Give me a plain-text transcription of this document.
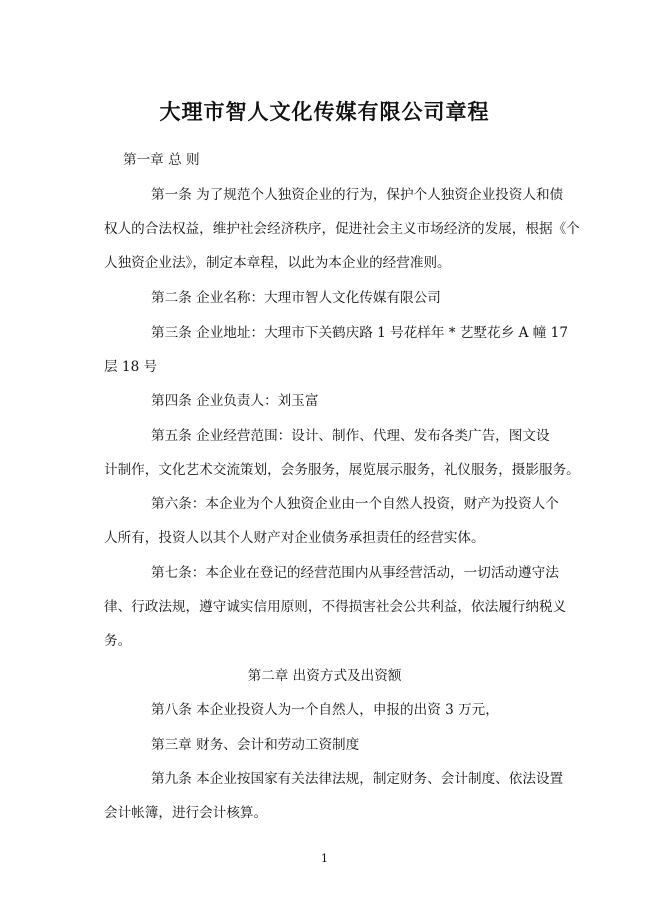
大理市智人文化传媒有限公司章程
第一章 总 则
第一条 为了规范个人独资企业的行为，保护个人独资企业投资人和债
权人的合法权益，维护社会经济秩序，促进社会主义市场经济的发展，根据《个
人独资企业法》，制定本章程，以此为本企业的经营准则。
第二条 企业名称：大理市智人文化传媒有限公司
第三条 企业地址：大理市下关鹤庆路 1 号花样年 * 艺墅花乡 A 幢 17
层 18 号
第四条 企业负责人：刘玉富
第五条 企业经营范围：设计、制作、代理、发布各类广告，图文设
计制作，文化艺术交流策划，会务服务，展览展示服务，礼仪服务，摄影服务。
第六条：本企业为个人独资企业由一个自然人投资，财产为投资人个
人所有，投资人以其个人财产对企业债务承担责任的经营实体。
第七条：本企业在登记的经营范围内从事经营活动，一切活动遵守法
律、行政法规，遵守诚实信用原则，不得损害社会公共利益，依法履行纳税义
务。
第二章 出资方式及出资额
第八条 本企业投资人为一个自然人，申报的出资 3 万元，
第三章 财务、会计和劳动工资制度
第九条 本企业按国家有关法律法规，制定财务、会计制度、依法设置
会计帐簿，进行会计核算。
1
